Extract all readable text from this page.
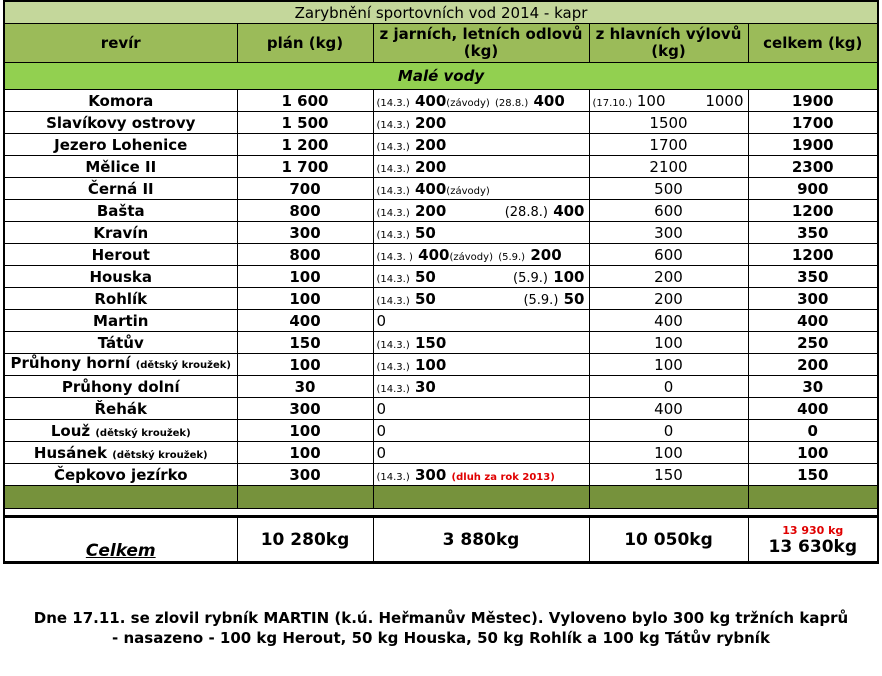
Zarybnění sportovních vod 2014 - kapr				
revír	plán (kg)	z jarních, letních odlovů (kg)	z hlavních výlovů (kg)	celkem (kg)
Malé vody				
Komora	1 600	(14.3.) 400(závody) (28.8.) 400	(17.10.) 100 1000	1900
Slavíkovy ostrovy	1 500	(14.3.) 200	1500	1700
Jezero Lohenice	1 200	(14.3.) 200	1700	1900
Mělice II	1 700	(14.3.) 200	2100	2300
Černá II	700	(14.3.) 400(závody)	500	900
Bašta	800	(14.3.) 200 (28.8.) 400	600	1200
Kravín	300	(14.3.) 50	300	350
Herout	800	(14.3. ) 400(závody) (5.9.) 200	600	1200
Houska	100	(14.3.) 50 (5.9.) 100	200	350
Rohlík	100	(14.3.) 50 (5.9.) 50	200	300
Martin	400	0	400	400
Tátův	150	(14.3.) 150	100	250
Průhony horní (dětský kroužek)	100	(14.3.) 100	100	200
Průhony dolní	30	(14.3.) 30	0	30
Řehák	300	0	400	400
Louž (dětský kroužek)	100	0	0	0
Husánek (dětský kroužek)	100	0	100	100
Čepkovo jezírko	300	(14.3.) 300 (dluh za rok 2013)	150	150

Celkem	10 280kg	3 880kg	10 050kg	13 930 kg
13 630kg
Dne 17.11. se zlovil rybník MARTIN (k.ú. Heřmanův Městec). Vyloveno bylo 300 kg tržních kaprů
- nasazeno - 100 kg Herout, 50 kg Houska, 50 kg Rohlík a 100 kg Tátův rybník
